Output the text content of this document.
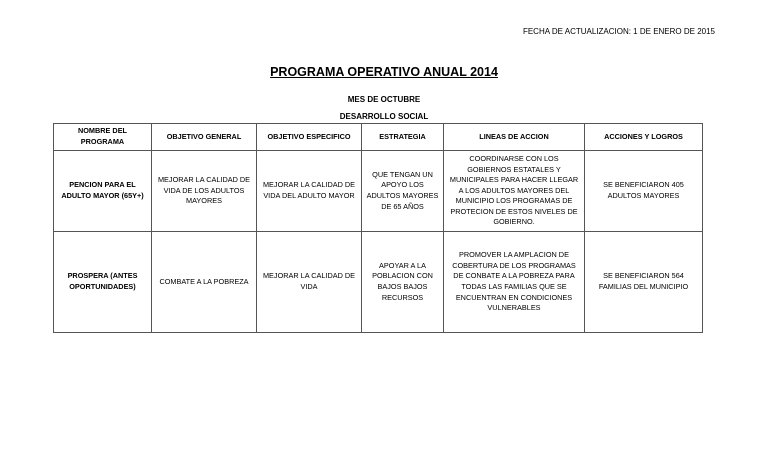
FECHA DE ACTUALIZACION: 1 DE ENERO DE 2015
PROGRAMA OPERATIVO ANUAL 2014
MES DE OCTUBRE
DESARROLLO SOCIAL
NOMBRE DEL PROGRAMA	OBJETIVO GENERAL	OBJETIVO ESPECIFICO	ESTRATEGIA	LINEAS DE ACCION	ACCIONES Y LOGROS
PENCION PARA EL ADULTO MAYOR (65Y+)	MEJORAR LA CALIDAD DE VIDA DE LOS ADULTOS MAYORES	MEJORAR LA CALIDAD DE VIDA DEL ADULTO MAYOR	QUE TENGAN UN APOYO LOS ADULTOS MAYORES DE 65 AÑOS	COORDINARSE CON LOS GOBIERNOS ESTATALES Y MUNICIPALES PARA HACER LLEGAR A LOS ADULTOS MAYORES DEL MUNICIPIO LOS PROGRAMAS DE PROTECION DE ESTOS NIVELES DE GOBIERNO.	SE BENEFICIARON 405 ADULTOS MAYORES
PROSPERA (ANTES OPORTUNIDADES)	COMBATE A LA POBREZA	MEJORAR LA CALIDAD DE VIDA	APOYAR A LA POBLACION CON BAJOS BAJOS RECURSOS	PROMOVER LA AMPLACION DE COBERTURA DE LOS PROGRAMAS DE CONBATE A LA POBREZA PARA TODAS LAS FAMILIAS QUE SE ENCUENTRAN EN CONDICIONES VULNERABLES	SE BENEFICIARON 564 FAMILIAS DEL MUNICIPIO
